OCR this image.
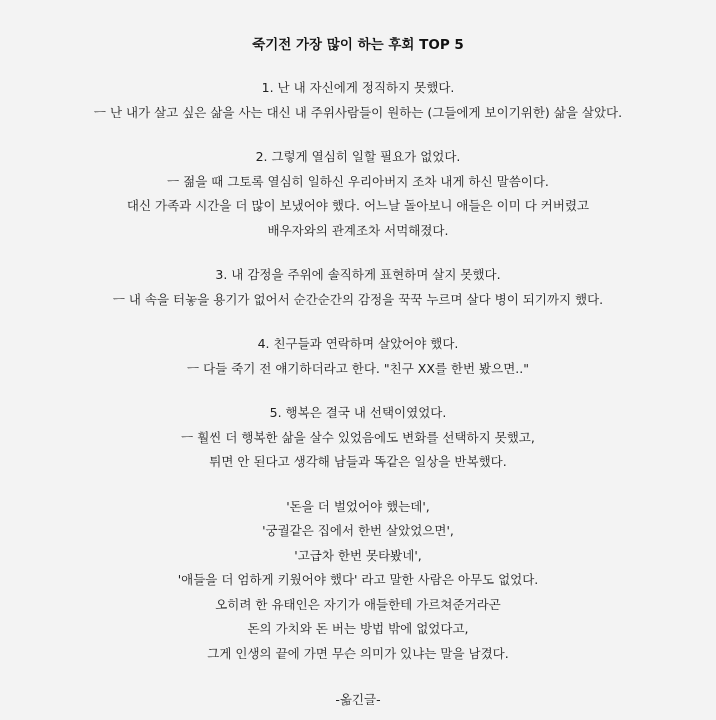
죽기전 가장 많이 하는 후회 TOP 5
1. 난 내 자신에게 정직하지 못했다.
ㅡ 난 내가 살고 싶은 삶을 사는 대신 내 주위사람들이 원하는 (그들에게 보이기위한) 삶을 살았다.
2. 그렇게 열심히 일할 필요가 없었다.
ㅡ 젊을 때 그토록 열심히 일하신 우리아버지 조차 내게 하신 말씀이다.
대신 가족과 시간을 더 많이 보냈어야 했다. 어느날 돌아보니 애들은 이미 다 커버렸고
배우자와의 관계조차 서먹해졌다.
3. 내 감정을 주위에 솔직하게 표현하며 살지 못했다.
ㅡ 내 속을 터놓을 용기가 없어서 순간순간의 감정을 꾹꾹 누르며 살다 병이 되기까지 했다.
4. 친구들과 연락하며 살았어야 했다.
ㅡ 다들 죽기 전 얘기하더라고 한다. "친구 XX를 한번 봤으면.."
5. 행복은 결국 내 선택이였었다.
ㅡ 훨씬 더 행복한 삶을 살수 있었음에도 변화를 선택하지 못했고,
튀면 안 된다고 생각해 남들과 똑같은 일상을 반복했다.
'돈을 더 벌었어야 했는데',
'궁궐같은 집에서 한번 살았었으면',
'고급차 한번 못타봤네',
'애들을 더 엄하게 키웠어야 했다' 라고 말한 사람은 아무도 없었다.
오히려 한 유태인은 자기가 애들한테 가르쳐준거라곤
돈의 가치와 돈 버는 방법 밖에 없었다고,
그게 인생의 끝에 가면 무슨 의미가 있냐는 말을 남겼다.
-옮긴글-
